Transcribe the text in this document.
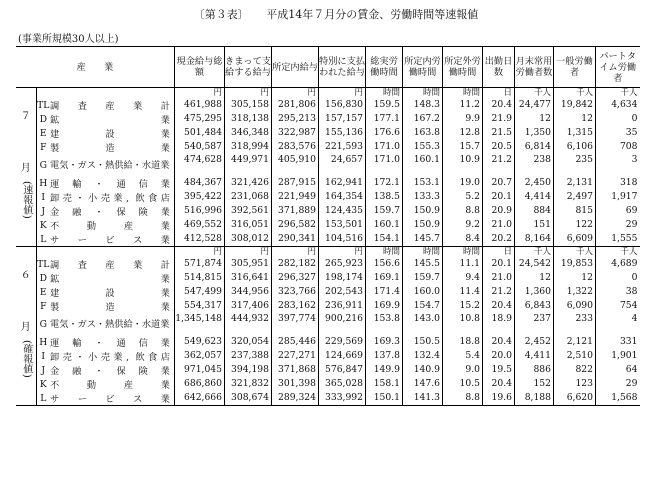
〔第３表〕 平成14年７月分の賃金、労働時間等速報値
(事業所規模30人以上)
産　　業			現金給与総額	きまって支給する給与	所定内給与	特別に支払われた給与	総実労働時間	所定内労働時間	所定外労働時間	出勤日数	月末常用労働者数	一般労働者	パートタイム労働者

７
月
(速報値)			円	円	円	円	時間	時間	時間	日	千人	千人	千人
	TL	調 査 産 業 計	461,988	305,158	281,806	156,830	159.5	148.3	11.2	20.4	24,477	19,842	4,634
	D	鉱 業	475,295	318,138	295,213	157,157	177.1	167.2	9.9	21.9	12	12	0
	E	建 設 業	501,484	346,348	322,987	155,136	176.6	163.8	12.8	21.5	1,350	1,315	35
	F	製 造 業	540,587	318,994	283,576	221,593	171.0	155.3	15.7	20.5	6,814	6,106	708
	G	電気・ガス・熱供給・水道業	474,628	449,971	405,910	24,657	171.0	160.1	10.9	21.2	238	235	3
	H	運 輸 ・ 通 信 業	484,367	321,426	287,915	162,941	172.1	153.1	19.0	20.7	2,450	2,131	318
	I	卸売・小売業, 飲食店	395,422	231,068	221,949	164,354	138.5	133.3	5.2	20.1	4,414	2,497	1,917
	J	金 融 ・ 保 険 業	516,996	392,561	371,889	124,435	159.7	150.9	8.8	20.9	884	815	69
	K	不 動 産 業	469,552	316,051	296,582	153,501	160.1	150.9	9.2	21.0	151	122	29
	L	サ ー ビ ス 業	412,528	308,012	290,341	104,516	154.1	145.7	8.4	20.2	8,164	6,609	1,555

６
月
(確報値)			円	円	円	円	時間	時間	時間	日	千人	千人	千人
	TL	調 査 産 業 計	571,874	305,951	282,182	265,923	156.6	145.5	11.1	20.1	24,542	19,853	4,689
	D	鉱 業	514,815	316,641	296,327	198,174	169.1	159.7	9.4	21.0	12	12	0
	E	建 設 業	547,499	344,956	323,766	202,543	171.4	160.0	11.4	21.2	1,360	1,322	38
	F	製 造 業	554,317	317,406	283,162	236,911	169.9	154.7	15.2	20.4	6,843	6,090	754
	G	電気・ガス・熱供給・水道業	1,345,148	444,932	397,774	900,216	153.8	143.0	10.8	18.9	237	233	4
	H	運 輸 ・ 通 信 業	549,623	320,054	285,446	229,569	169.3	150.5	18.8	20.4	2,452	2,121	331
	I	卸売・小売業, 飲食店	362,057	237,388	227,271	124,669	137.8	132.4	5.4	20.0	4,411	2,510	1,901
	J	金 融 ・ 保 険 業	971,045	394,198	371,868	576,847	149.9	140.9	9.0	19.5	886	822	64
	K	不 動 産 業	686,860	321,832	301,398	365,028	158.1	147.6	10.5	20.4	152	123	29
	L	サ ー ビ ス 業	642,666	308,674	289,324	333,992	150.1	141.3	8.8	19.6	8,188	6,620	1,568
